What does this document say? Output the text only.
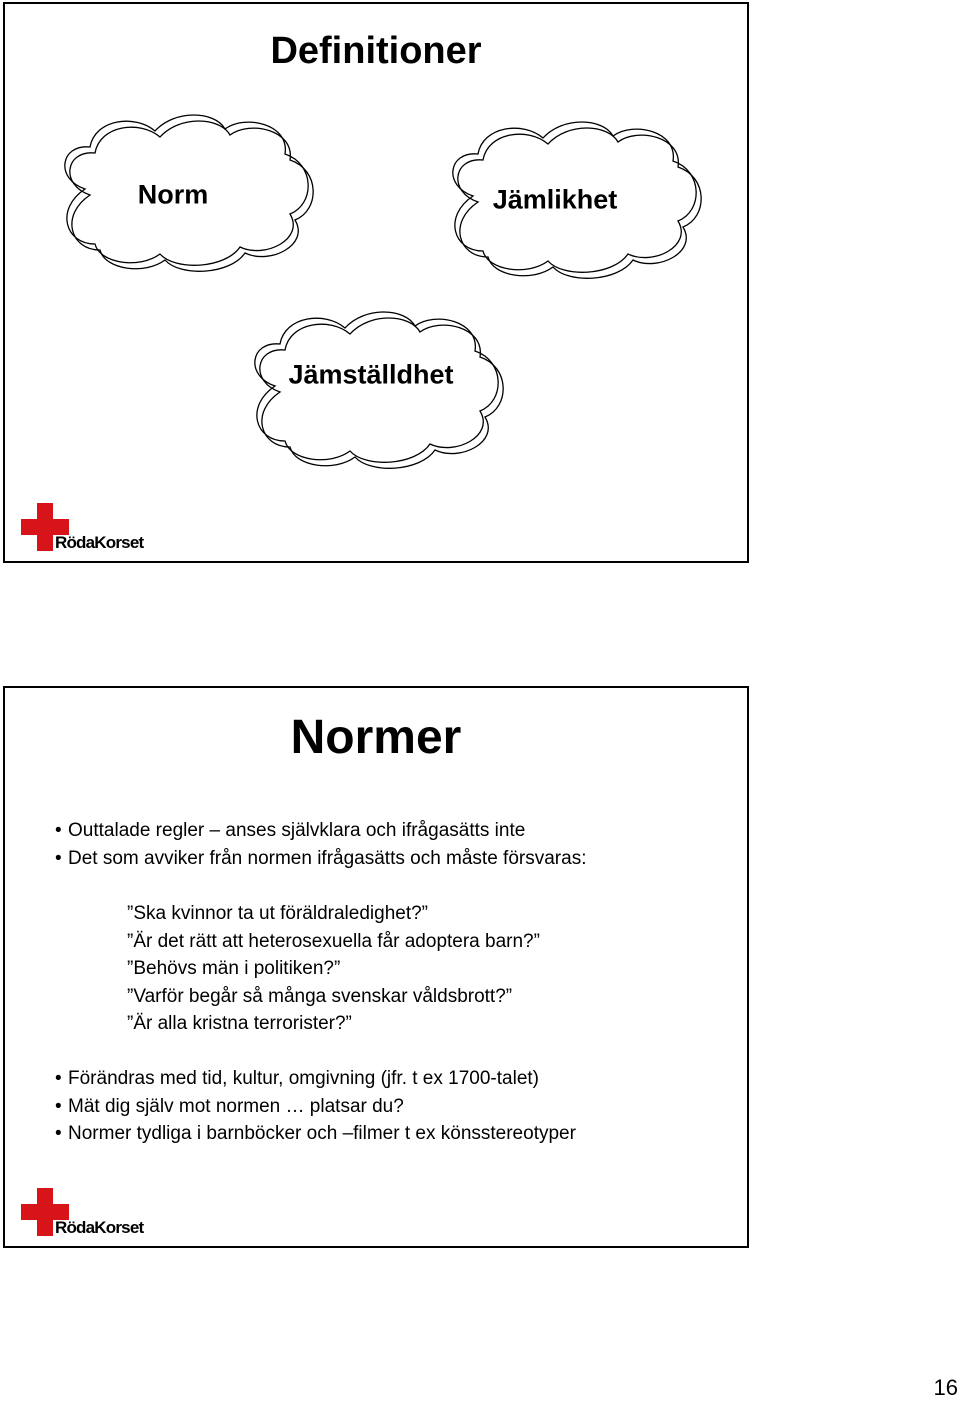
Definitioner
Norm	Jämlikhet
Jämställdhet
RödaKorset
Normer
• Outtalade regler – anses självklara och ifrågasätts inte
• Det som avviker från normen ifrågasätts och måste försvaras:
”Ska kvinnor ta ut föräldraledighet?”
”Är det rätt att heterosexuella får adoptera barn?”
”Behövs män i politiken?”
”Varför begår så många svenskar våldsbrott?”
”Är alla kristna terrorister?”
• Förändras med tid, kultur, omgivning (jfr. t ex 1700-talet)
• Mät dig själv mot normen … platsar du?
• Normer tydliga i barnböcker och –filmer t ex könsstereotyper
RödaKorset
16
